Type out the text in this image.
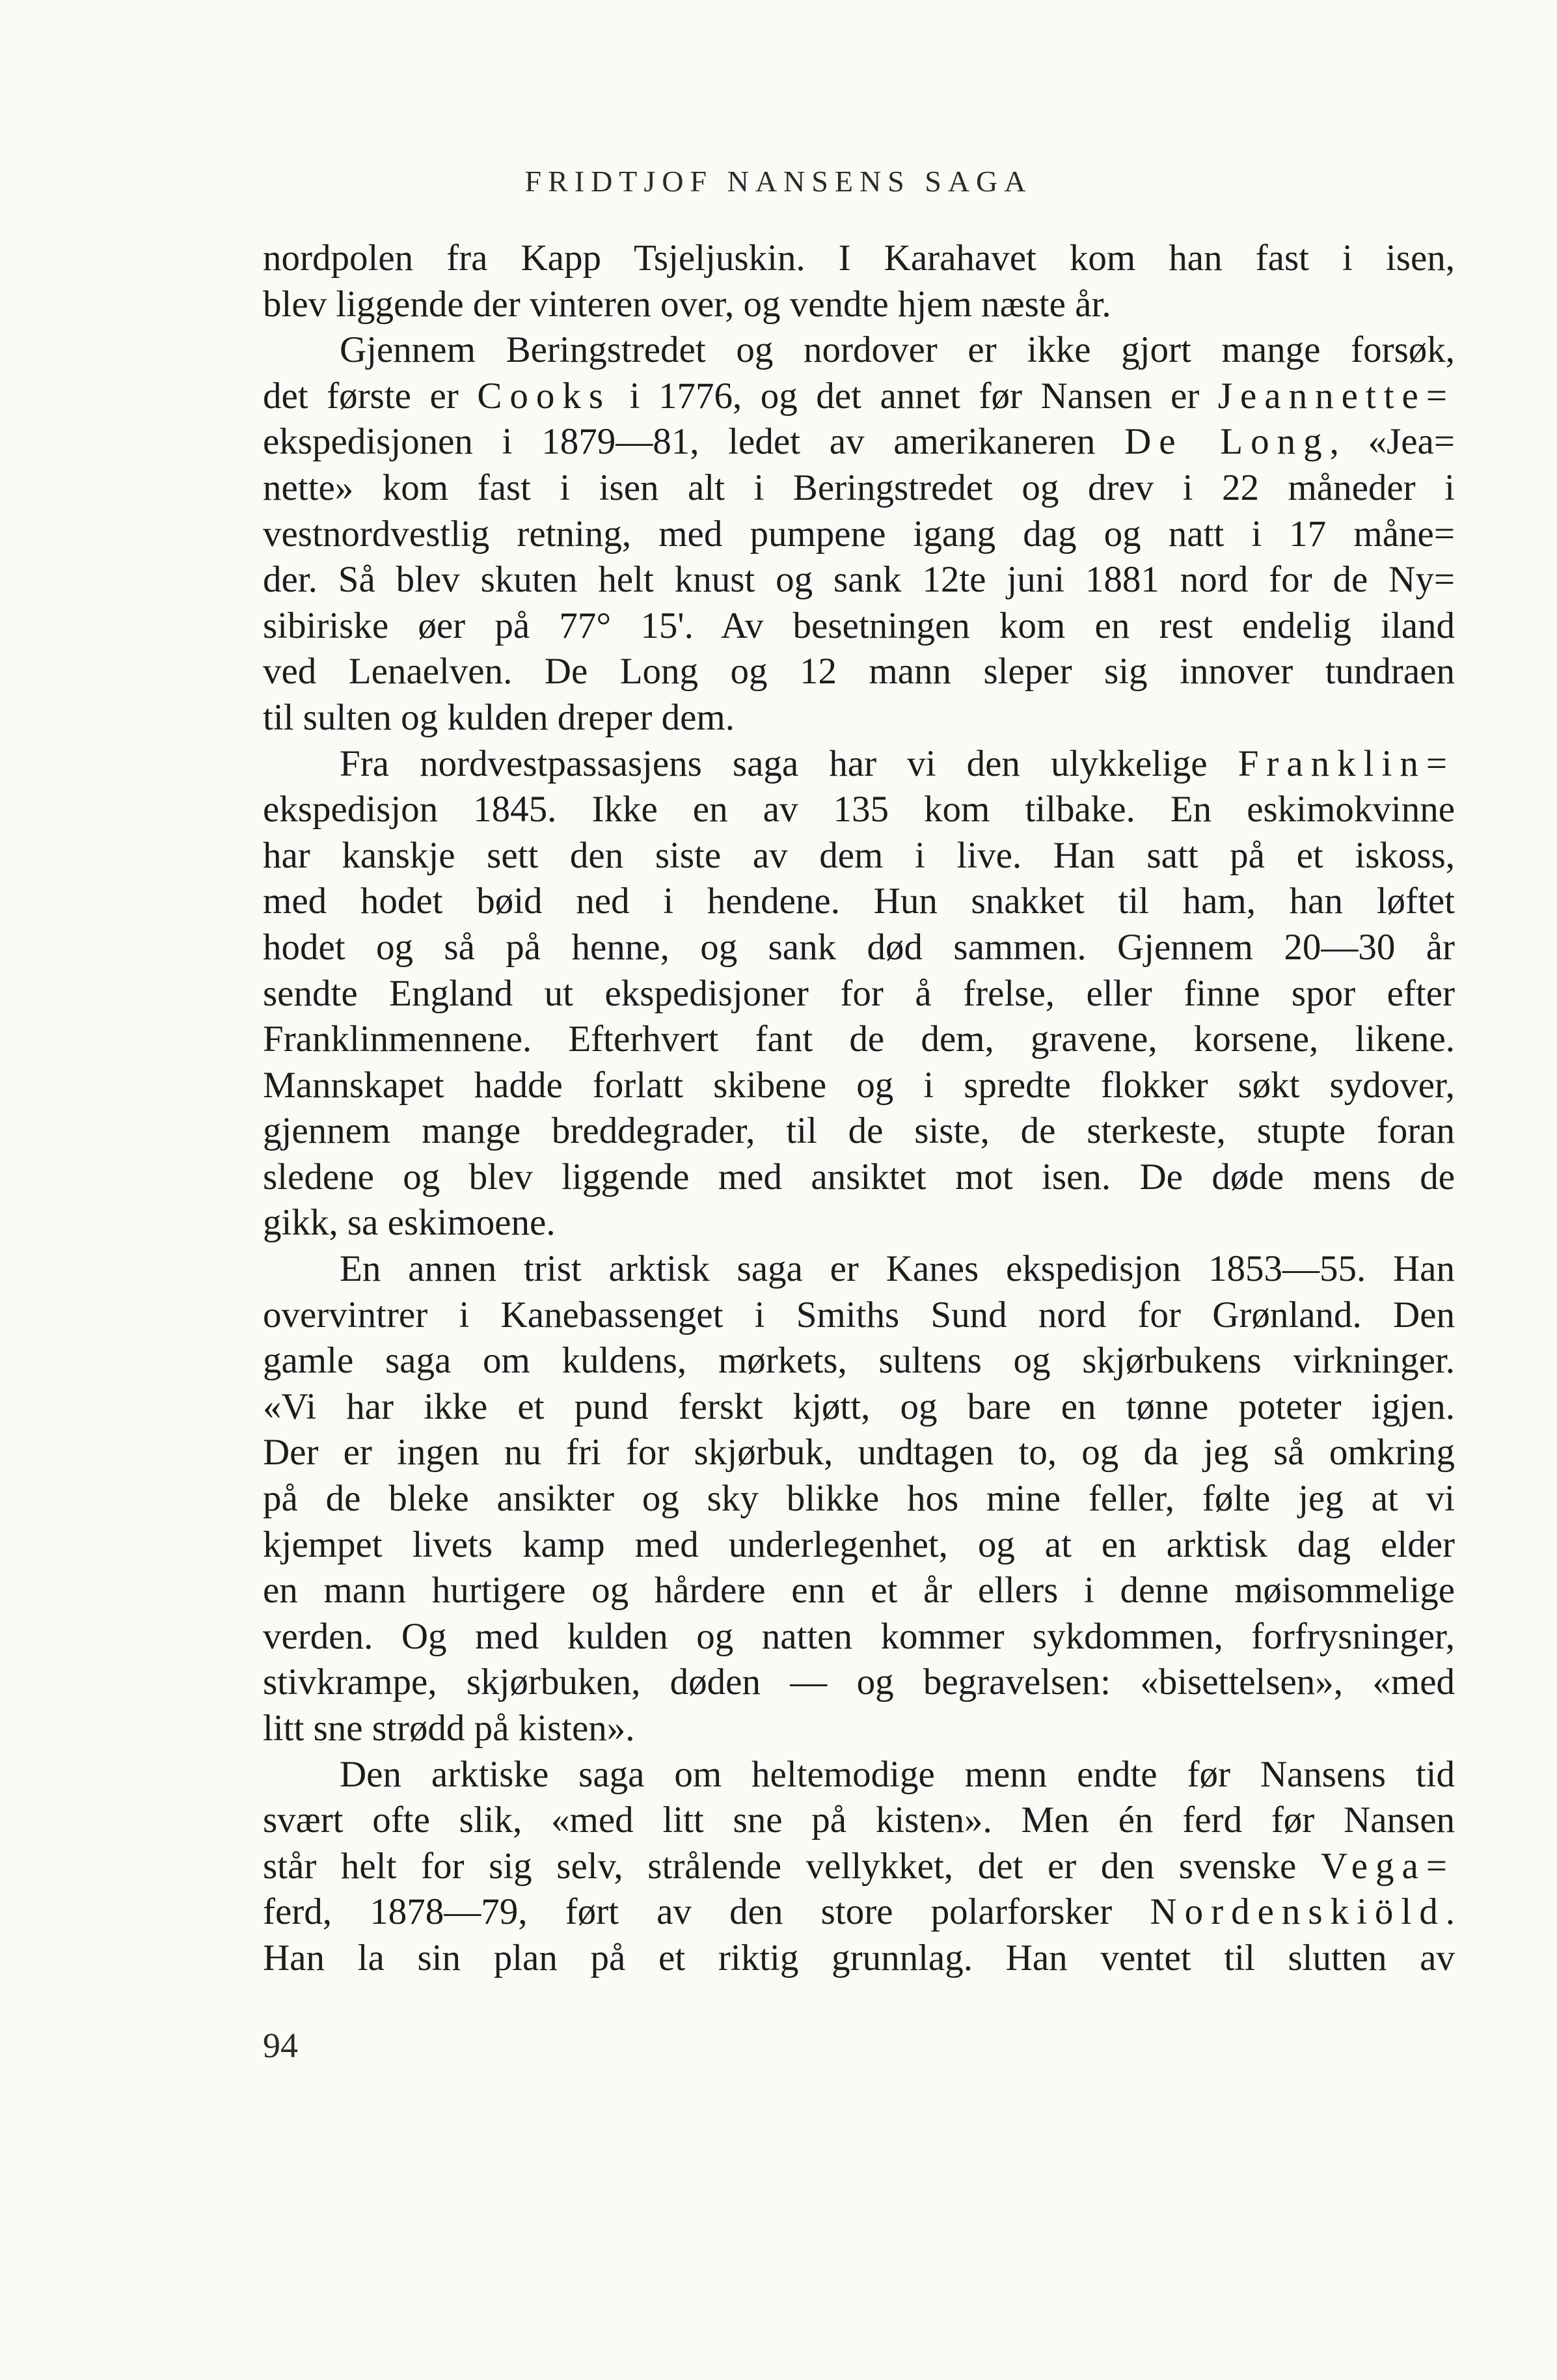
FRIDTJOF NANSENS SAGA
nordpolen fra Kapp Tsjeljuskin. I Karahavet kom han fast i isen,
blev liggende der vinteren over, og vendte hjem næste år.
Gjennem Beringstredet og nordover er ikke gjort mange forsøk,
det første er Cooks i 1776, og det annet før Nansen er Jeannette=
ekspedisjonen i 1879—81, ledet av amerikaneren De Long, «Jea=
nette» kom fast i isen alt i Beringstredet og drev i 22 måneder i
vestnordvestlig retning, med pumpene igang dag og natt i 17 måne=
der. Så blev skuten helt knust og sank 12te juni 1881 nord for de Ny=
sibiriske øer på 77° 15'. Av besetningen kom en rest endelig iland
ved Lenaelven. De Long og 12 mann sleper sig innover tundraen
til sulten og kulden dreper dem.
Fra nordvestpassasjens saga har vi den ulykkelige Franklin=
ekspedisjon 1845. Ikke en av 135 kom tilbake. En eskimokvinne
har kanskje sett den siste av dem i live. Han satt på et iskoss,
med hodet bøid ned i hendene. Hun snakket til ham, han løftet
hodet og så på henne, og sank død sammen. Gjennem 20—30 år
sendte England ut ekspedisjoner for å frelse, eller finne spor efter
Franklinmennene. Efterhvert fant de dem, gravene, korsene, likene.
Mannskapet hadde forlatt skibene og i spredte flokker søkt sydover,
gjennem mange breddegrader, til de siste, de sterkeste, stupte foran
sledene og blev liggende med ansiktet mot isen. De døde mens de
gikk, sa eskimoene.
En annen trist arktisk saga er Kanes ekspedisjon 1853—55. Han
overvintrer i Kanebassenget i Smiths Sund nord for Grønland. Den
gamle saga om kuldens, mørkets, sultens og skjørbukens virkninger.
«Vi har ikke et pund ferskt kjøtt, og bare en tønne poteter igjen.
Der er ingen nu fri for skjørbuk, undtagen to, og da jeg så omkring
på de bleke ansikter og sky blikke hos mine feller, følte jeg at vi
kjempet livets kamp med underlegenhet, og at en arktisk dag elder
en mann hurtigere og hårdere enn et år ellers i denne møisommelige
verden. Og med kulden og natten kommer sykdommen, forfrysninger,
stivkrampe, skjørbuken, døden — og begravelsen: «bisettelsen», «med
litt sne strødd på kisten».
Den arktiske saga om heltemodige menn endte før Nansens tid
svært ofte slik, «med litt sne på kisten». Men én ferd før Nansen
står helt for sig selv, strålende vellykket, det er den svenske Vega=
ferd, 1878—79, ført av den store polarforsker Nordenskiöld.
Han la sin plan på et riktig grunnlag. Han ventet til slutten av
94
